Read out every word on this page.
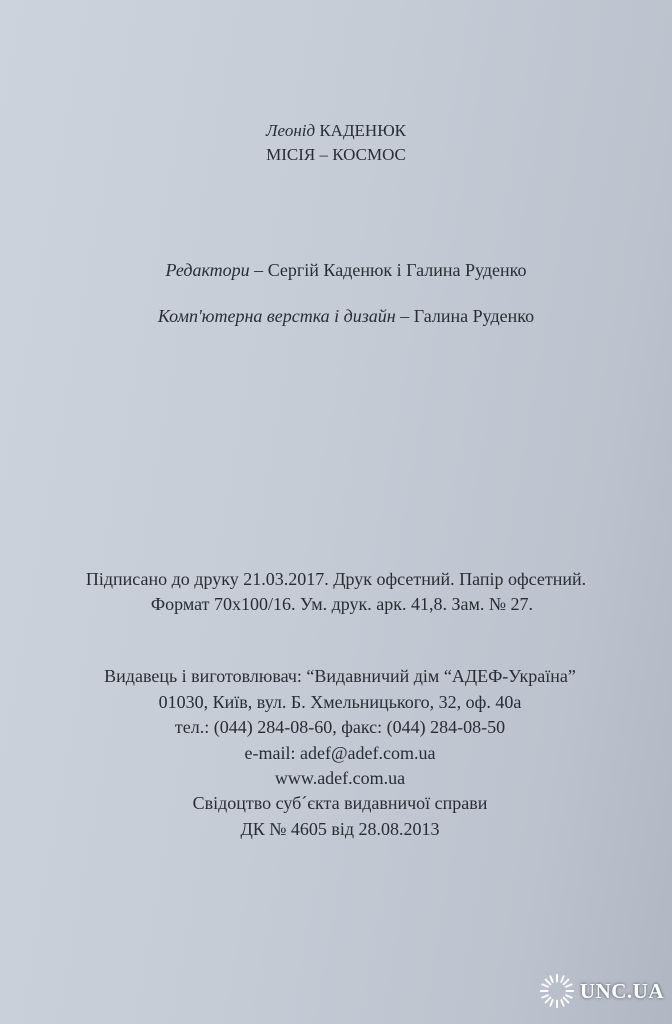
Леонід КАДЕНЮК
МІСІЯ – КОСМОС
Редактори – Сергій Каденюк і Галина Руденко
Комп'ютерна верстка і дизайн – Галина Руденко
Підписано до друку 21.03.2017. Друк офсетний. Папір офсетний.
Формат 70х100/16. Ум. друк. арк. 41,8. Зам. № 27.
Видавець і виготовлювач: “Видавничий дім “АДЕФ-Україна”
01030, Київ, вул. Б. Хмельницького, 32, оф. 40а
тел.: (044) 284-08-60, факс: (044) 284-08-50
e-mail: adef@adef.com.ua
www.adef.com.ua
Свідоцтво суб´єкта видавничої справи
ДК № 4605 від 28.08.2013
UNC.UA
